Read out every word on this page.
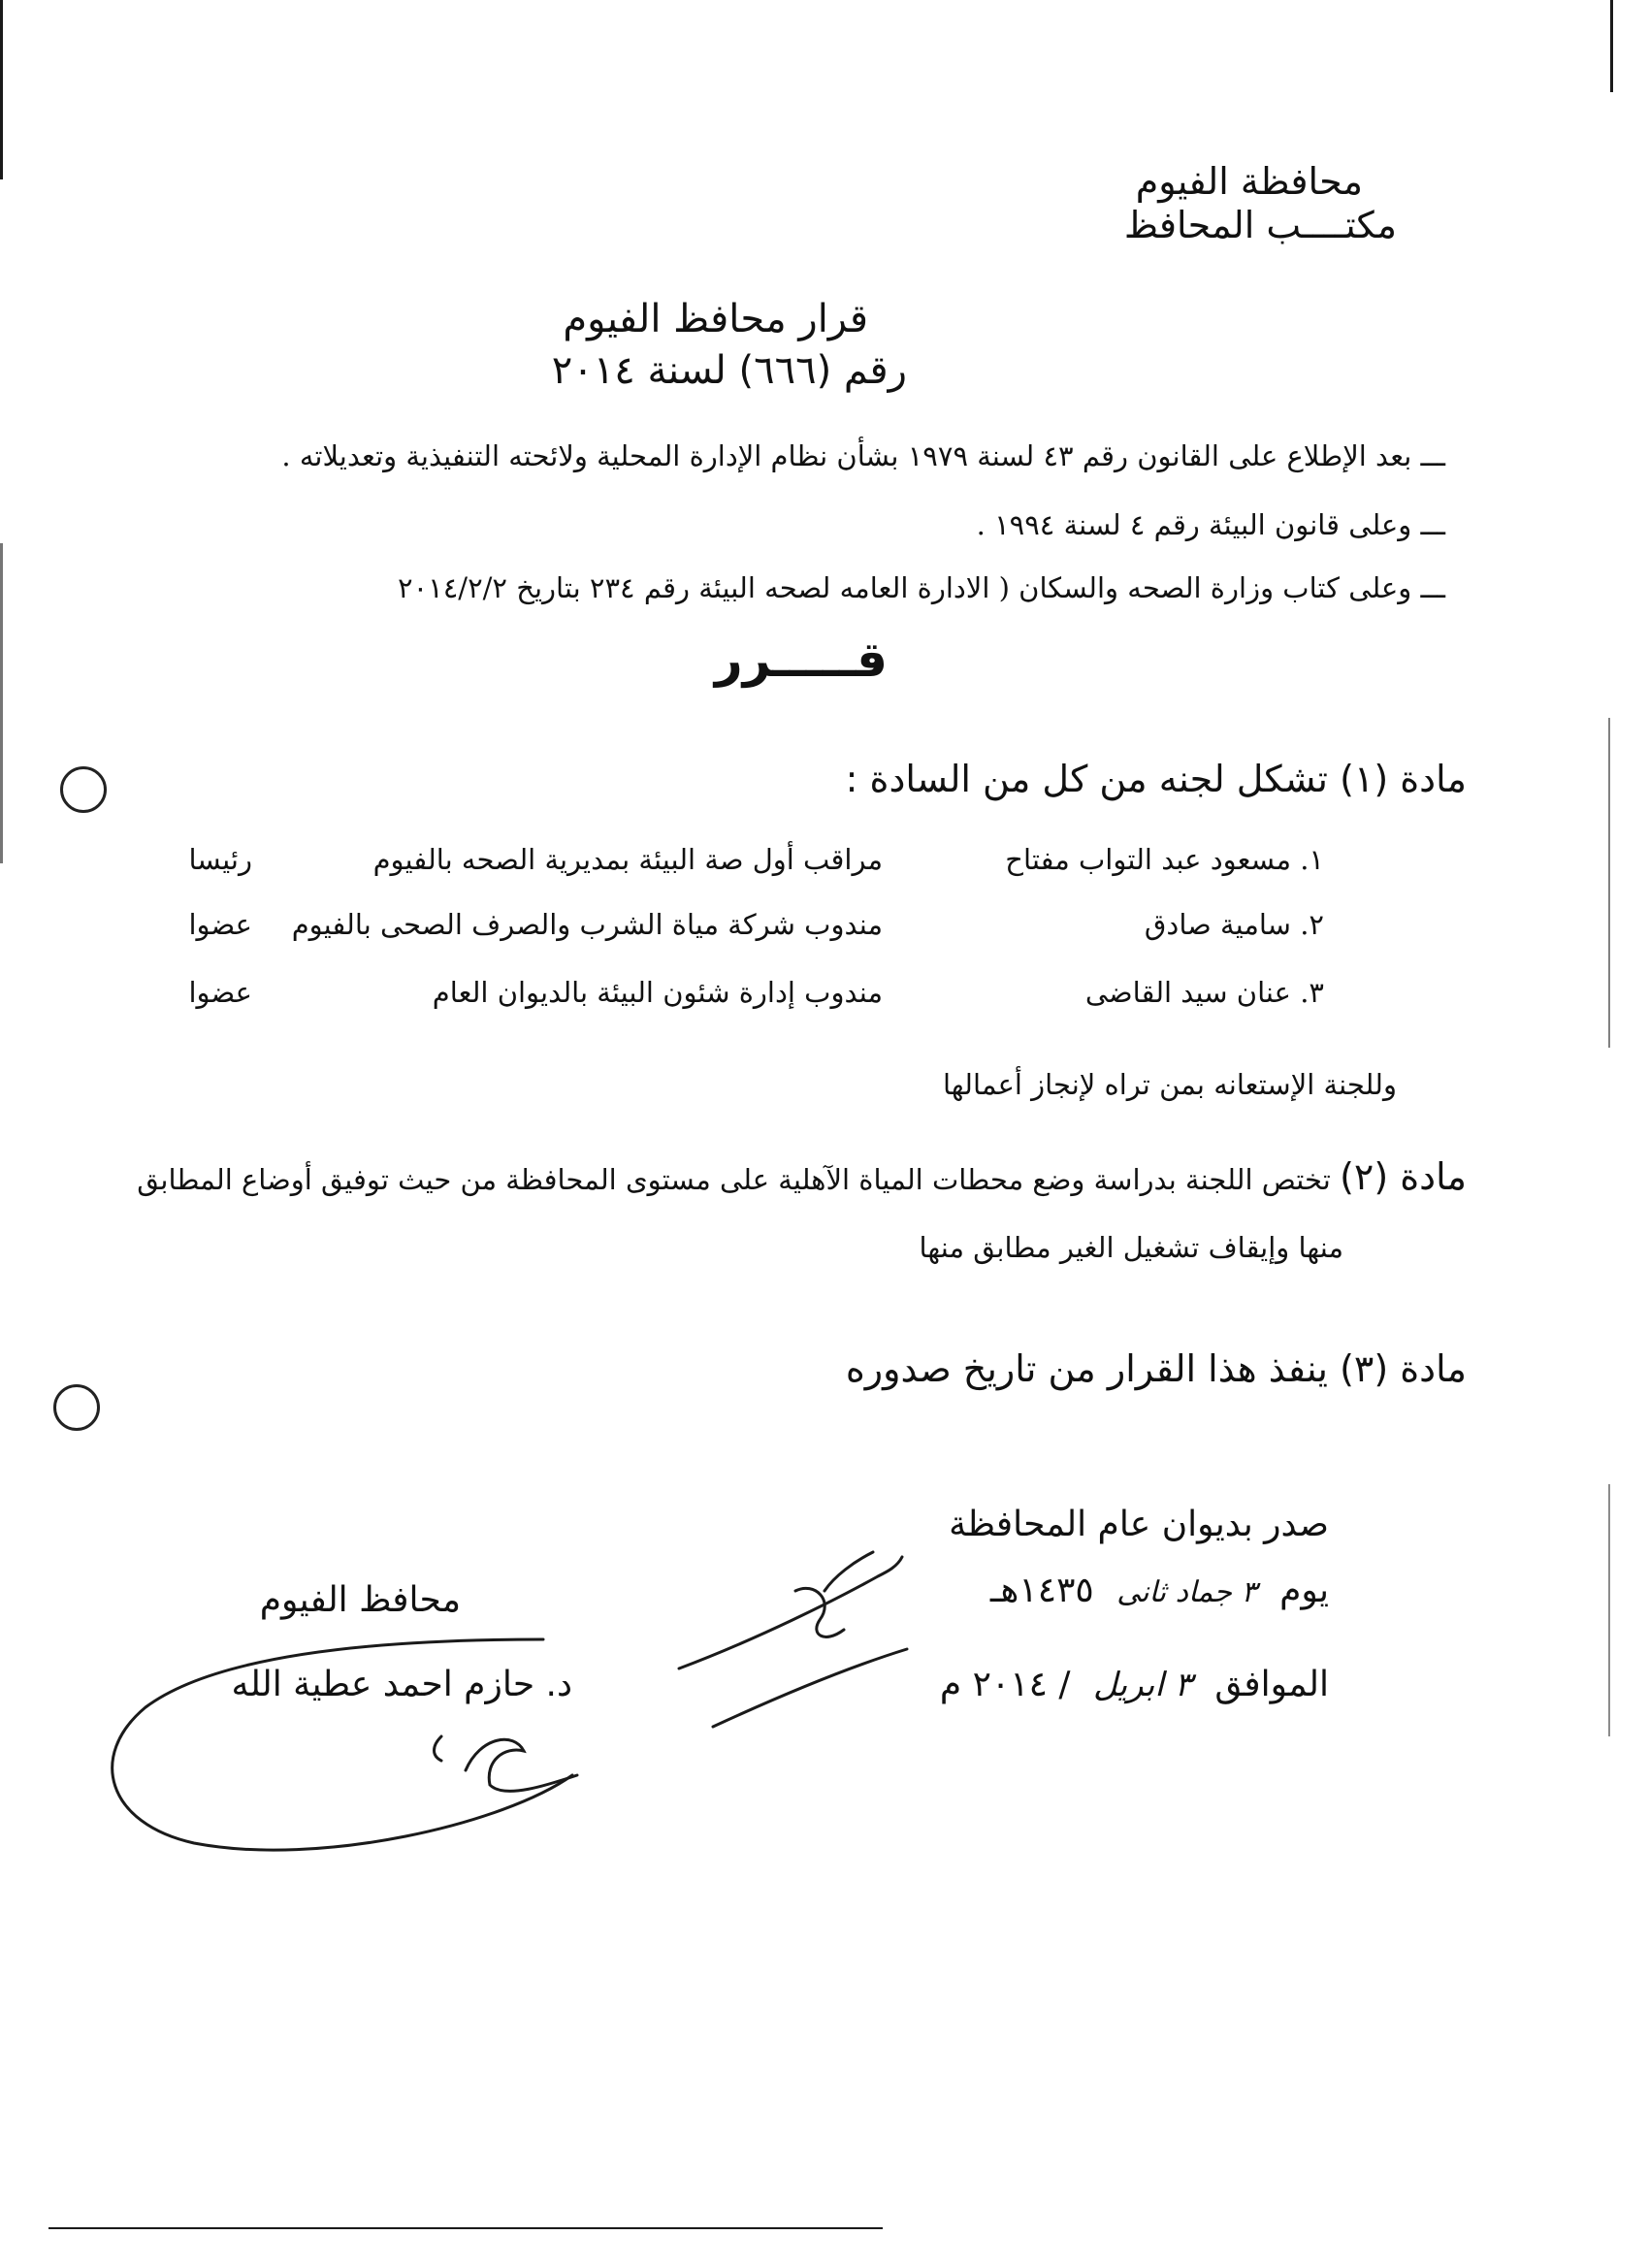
محافظة الفيوم
مكتــــب المحافظ
قرار محافظ الفيوم
رقم (٦٦٦) لسنة ٢٠١٤
ـــ بعد الإطلاع على القانون رقم ٤٣ لسنة ١٩٧٩ بشأن نظام الإدارة المحلية ولائحته التنفيذية وتعديلاته .
ـــ وعلى قانون البيئة رقم ٤ لسنة ١٩٩٤ .
ـــ وعلى كتاب وزارة الصحه والسكان ( الادارة العامه لصحه البيئة رقم ٢٣٤ بتاريخ ٢٠١٤/٢/٢
قـــــرر
مادة (١) تشكل لجنه من كل من السادة :
١. مسعود عبد التواب مفتاح
مراقب أول صة البيئة بمديرية الصحه بالفيوم
رئيسا
٢. سامية صادق
مندوب شركة مياة الشرب والصرف الصحى بالفيوم
عضوا
٣. عنان سيد القاضى
مندوب إدارة شئون البيئة بالديوان العام
عضوا
وللجنة الإستعانه بمن تراه لإنجاز أعمالها
مادة (٢) تختص اللجنة بدراسة وضع محطات المياة الآهلية على مستوى المحافظة من حيث توفيق أوضاع المطابق
منها وإيقاف تشغيل الغير مطابق منها
مادة (٣) ينفذ هذا القرار من تاريخ صدوره
صدر بديوان عام المحافظة
يوم ٣ جماد ثانى ١٤٣٥هـ
الموافق ٣ ابريل / ٢٠١٤ م
محافظ الفيوم
د. حازم احمد عطية الله
